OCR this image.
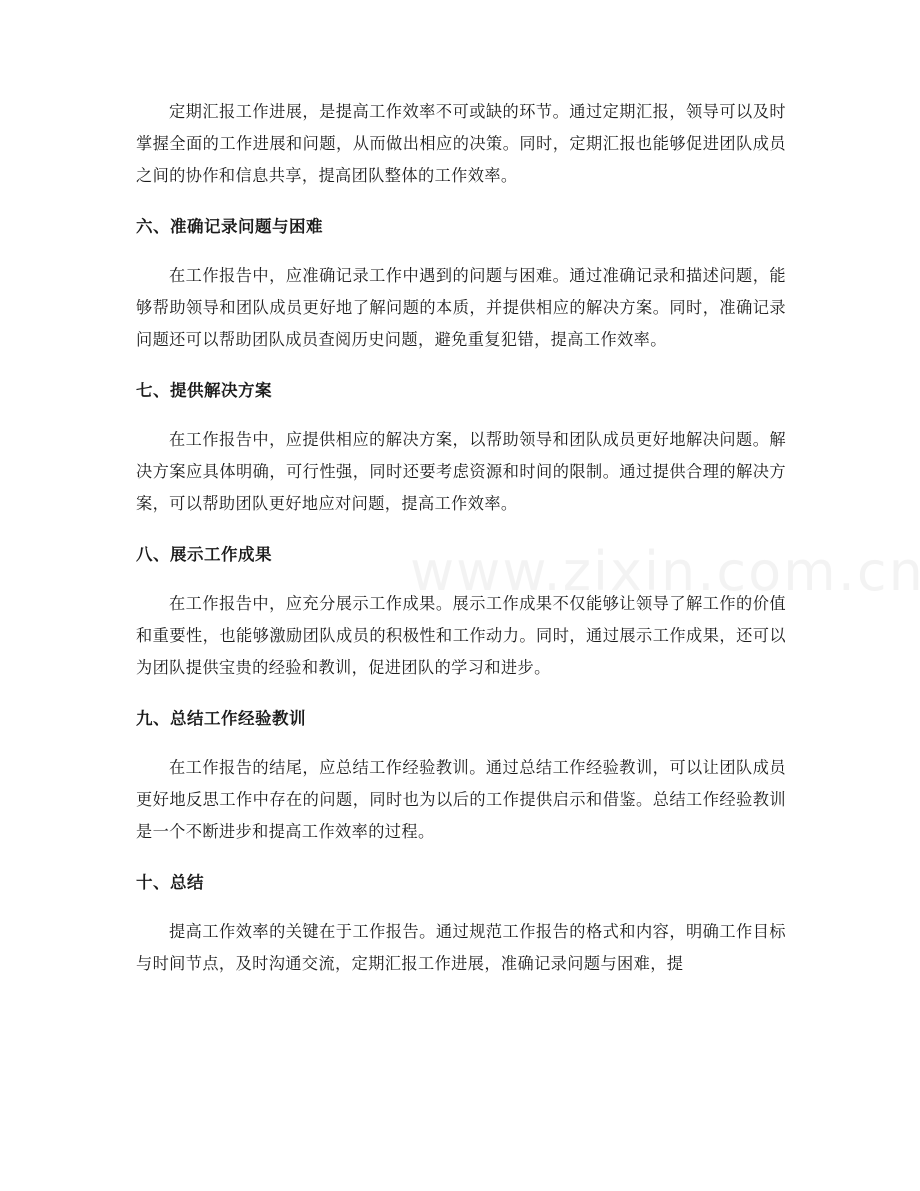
定期汇报工作进展，是提高工作效率不可或缺的环节。通过定期汇报，领导可以及时掌握全面的工作进展和问题，从而做出相应的决策。同时，定期汇报也能够促进团队成员之间的协作和信息共享，提高团队整体的工作效率。

六、准确记录问题与困难

在工作报告中，应准确记录工作中遇到的问题与困难。通过准确记录和描述问题，能够帮助领导和团队成员更好地了解问题的本质，并提供相应的解决方案。同时，准确记录问题还可以帮助团队成员查阅历史问题，避免重复犯错，提高工作效率。

七、提供解决方案

在工作报告中，应提供相应的解决方案，以帮助领导和团队成员更好地解决问题。解决方案应具体明确，可行性强，同时还要考虑资源和时间的限制。通过提供合理的解决方案，可以帮助团队更好地应对问题，提高工作效率。

八、展示工作成果

在工作报告中，应充分展示工作成果。展示工作成果不仅能够让领导了解工作的价值和重要性，也能够激励团队成员的积极性和工作动力。同时，通过展示工作成果，还可以为团队提供宝贵的经验和教训，促进团队的学习和进步。

九、总结工作经验教训

在工作报告的结尾，应总结工作经验教训。通过总结工作经验教训，可以让团队成员更好地反思工作中存在的问题，同时也为以后的工作提供启示和借鉴。总结工作经验教训是一个不断进步和提高工作效率的过程。

十、总结

提高工作效率的关键在于工作报告。通过规范工作报告的格式和内容，明确工作目标与时间节点，及时沟通交流，定期汇报工作进展，准确记录问题与困难，提
